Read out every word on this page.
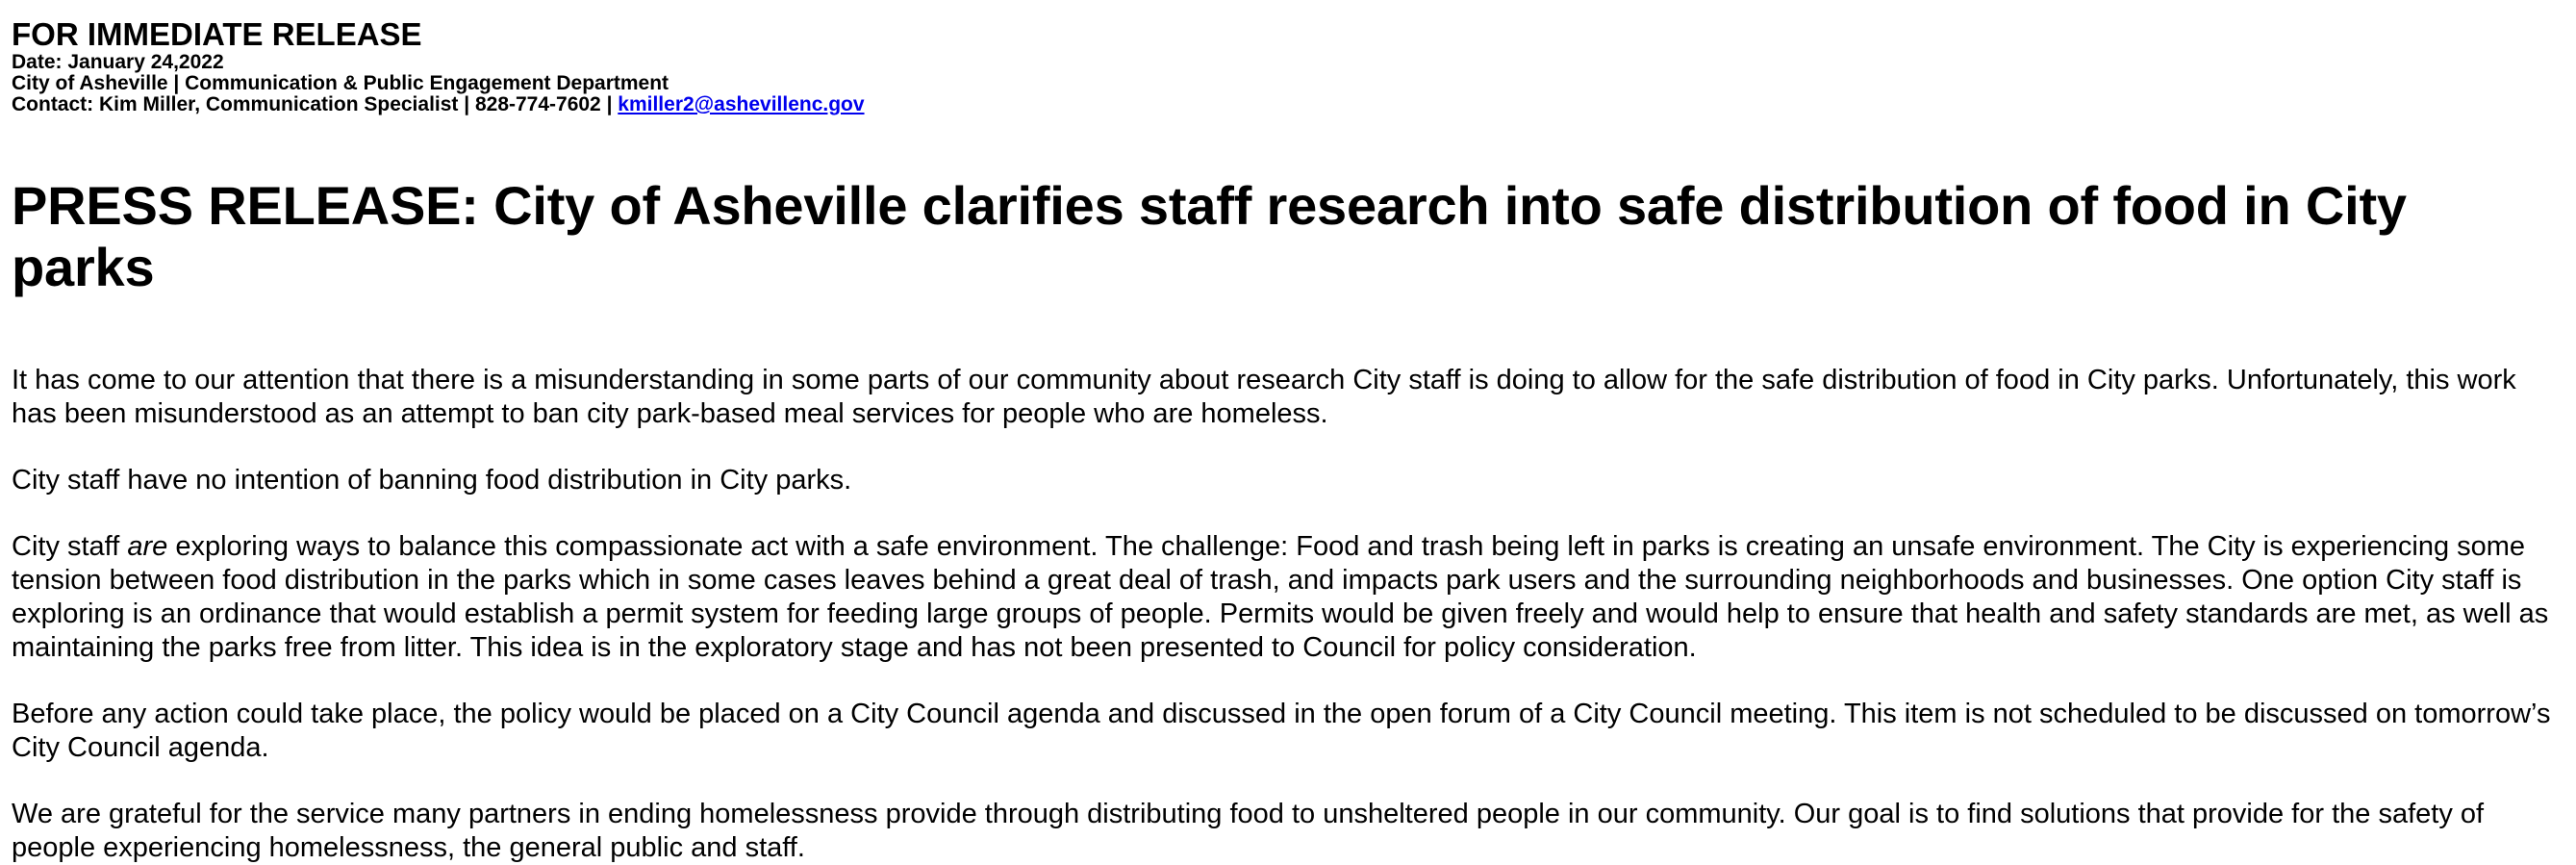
FOR IMMEDIATE RELEASE

Date: January 24,2022

City of Asheville | Communication & Public Engagement Department

Contact: Kim Miller, Communication Specialist | 828-774-7602 | kmiller2@ashevillenc.gov

PRESS RELEASE: City of Asheville clarifies staff research into safe distribution of food in City parks

It has come to our attention that there is a misunderstanding in some parts of our community about research City staff is doing to allow for the safe distribution of food in City parks. Unfortunately, this work has been misunderstood as an attempt to ban city park-based meal services for people who are homeless.

City staff have no intention of banning food distribution in City parks.

City staff are exploring ways to balance this compassionate act with a safe environment. The challenge: Food and trash being left in parks is creating an unsafe environment. The City is experiencing some tension between food distribution in the parks which in some cases leaves behind a great deal of trash, and impacts park users and the surrounding neighborhoods and businesses. One option City staff is exploring is an ordinance that would establish a permit system for feeding large groups of people. Permits would be given freely and would help to ensure that health and safety standards are met, as well as maintaining the parks free from litter. This idea is in the exploratory stage and has not been presented to Council for policy consideration.

Before any action could take place, the policy would be placed on a City Council agenda and discussed in the open forum of a City Council meeting. This item is not scheduled to be discussed on tomorrow’s City Council agenda.

We are grateful for the service many partners in ending homelessness provide through distributing food to unsheltered people in our community. Our goal is to find solutions that provide for the safety of people experiencing homelessness, the general public and staff.
